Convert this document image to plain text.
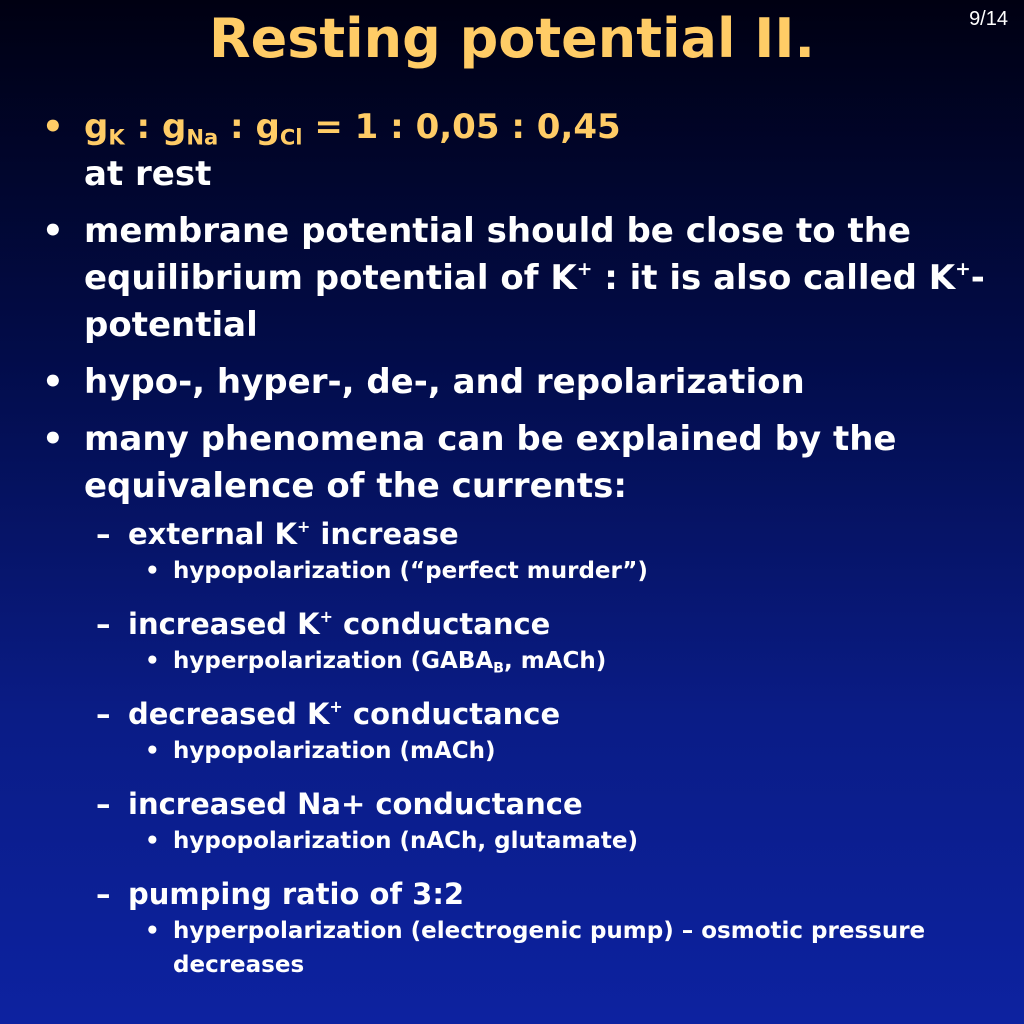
Resting potential II.	9/14
• $g_K$ : $g_{Na}$ : $g_{Cl} = 1$ : 0,05 : 0,45
at rest
• membrane potential should be close to the equilibrium potential of K+ : it is also called K+-potential
• hypo-, hyper-, de-, and repolarization
• many phenomena can be explained by the equivalence of the currents:
– external K+ increase
• hypopolarization (“perfect murder”)
– increased K+ conductance
• hyperpolarization ($GABA_B$, mACh)
– decreased K+ conductance
• hypopolarization (mACh)
– increased Na+ conductance
• hypopolarization (nACh, glutamate)
– pumping ratio of 3:2
• hyperpolarization (electrogenic pump) – osmotic pressure decreases
